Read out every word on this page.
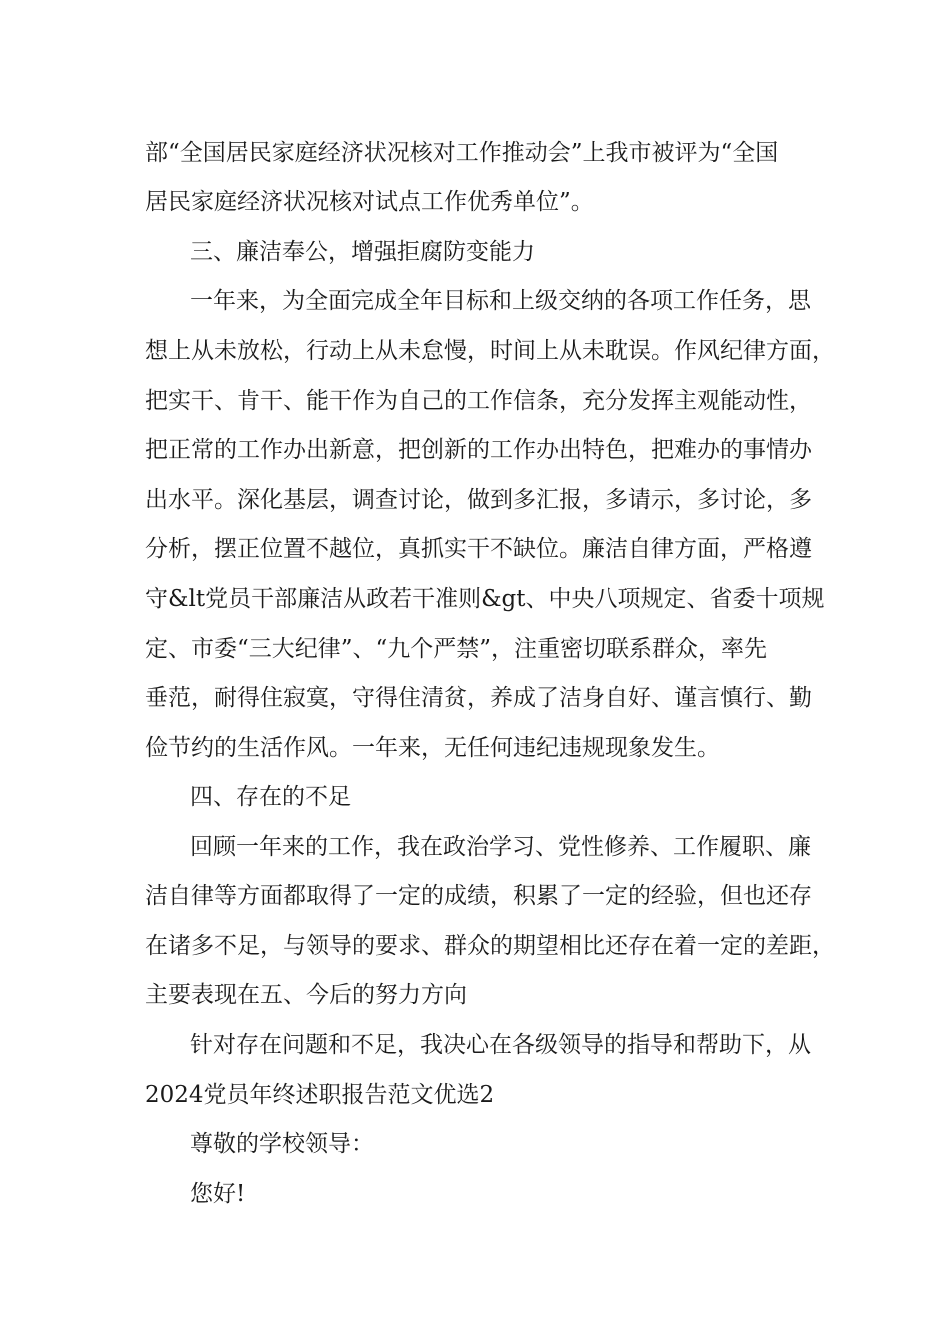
部“全国居民家庭经济状况核对工作推动会”上我市被评为“全国
居民家庭经济状况核对试点工作优秀单位”。
三、廉洁奉公，增强拒腐防变能力
一年来，为全面完成全年目标和上级交纳的各项工作任务，思
想上从未放松，行动上从未怠慢，时间上从未耽误。作风纪律方面，
把实干、肯干、能干作为自己的工作信条，充分发挥主观能动性，
把正常的工作办出新意，把创新的工作办出特色，把难办的事情办
出水平。深化基层，调查讨论，做到多汇报，多请示，多讨论，多
分析，摆正位置不越位，真抓实干不缺位。廉洁自律方面，严格遵
守&lt党员干部廉洁从政若干准则&gt、中央八项规定、省委十项规
定、市委“三大纪律”、“九个严禁”，注重密切联系群众，率先
垂范，耐得住寂寞，守得住清贫，养成了洁身自好、谨言慎行、勤
俭节约的生活作风。一年来，无任何违纪违规现象发生。
四、存在的不足
回顾一年来的工作，我在政治学习、党性修养、工作履职、廉
洁自律等方面都取得了一定的成绩，积累了一定的经验，但也还存
在诸多不足，与领导的要求、群众的期望相比还存在着一定的差距，
主要表现在五、今后的努力方向
针对存在问题和不足，我决心在各级领导的指导和帮助下，从
2024党员年终述职报告范文优选2
尊敬的学校领导：
您好!
